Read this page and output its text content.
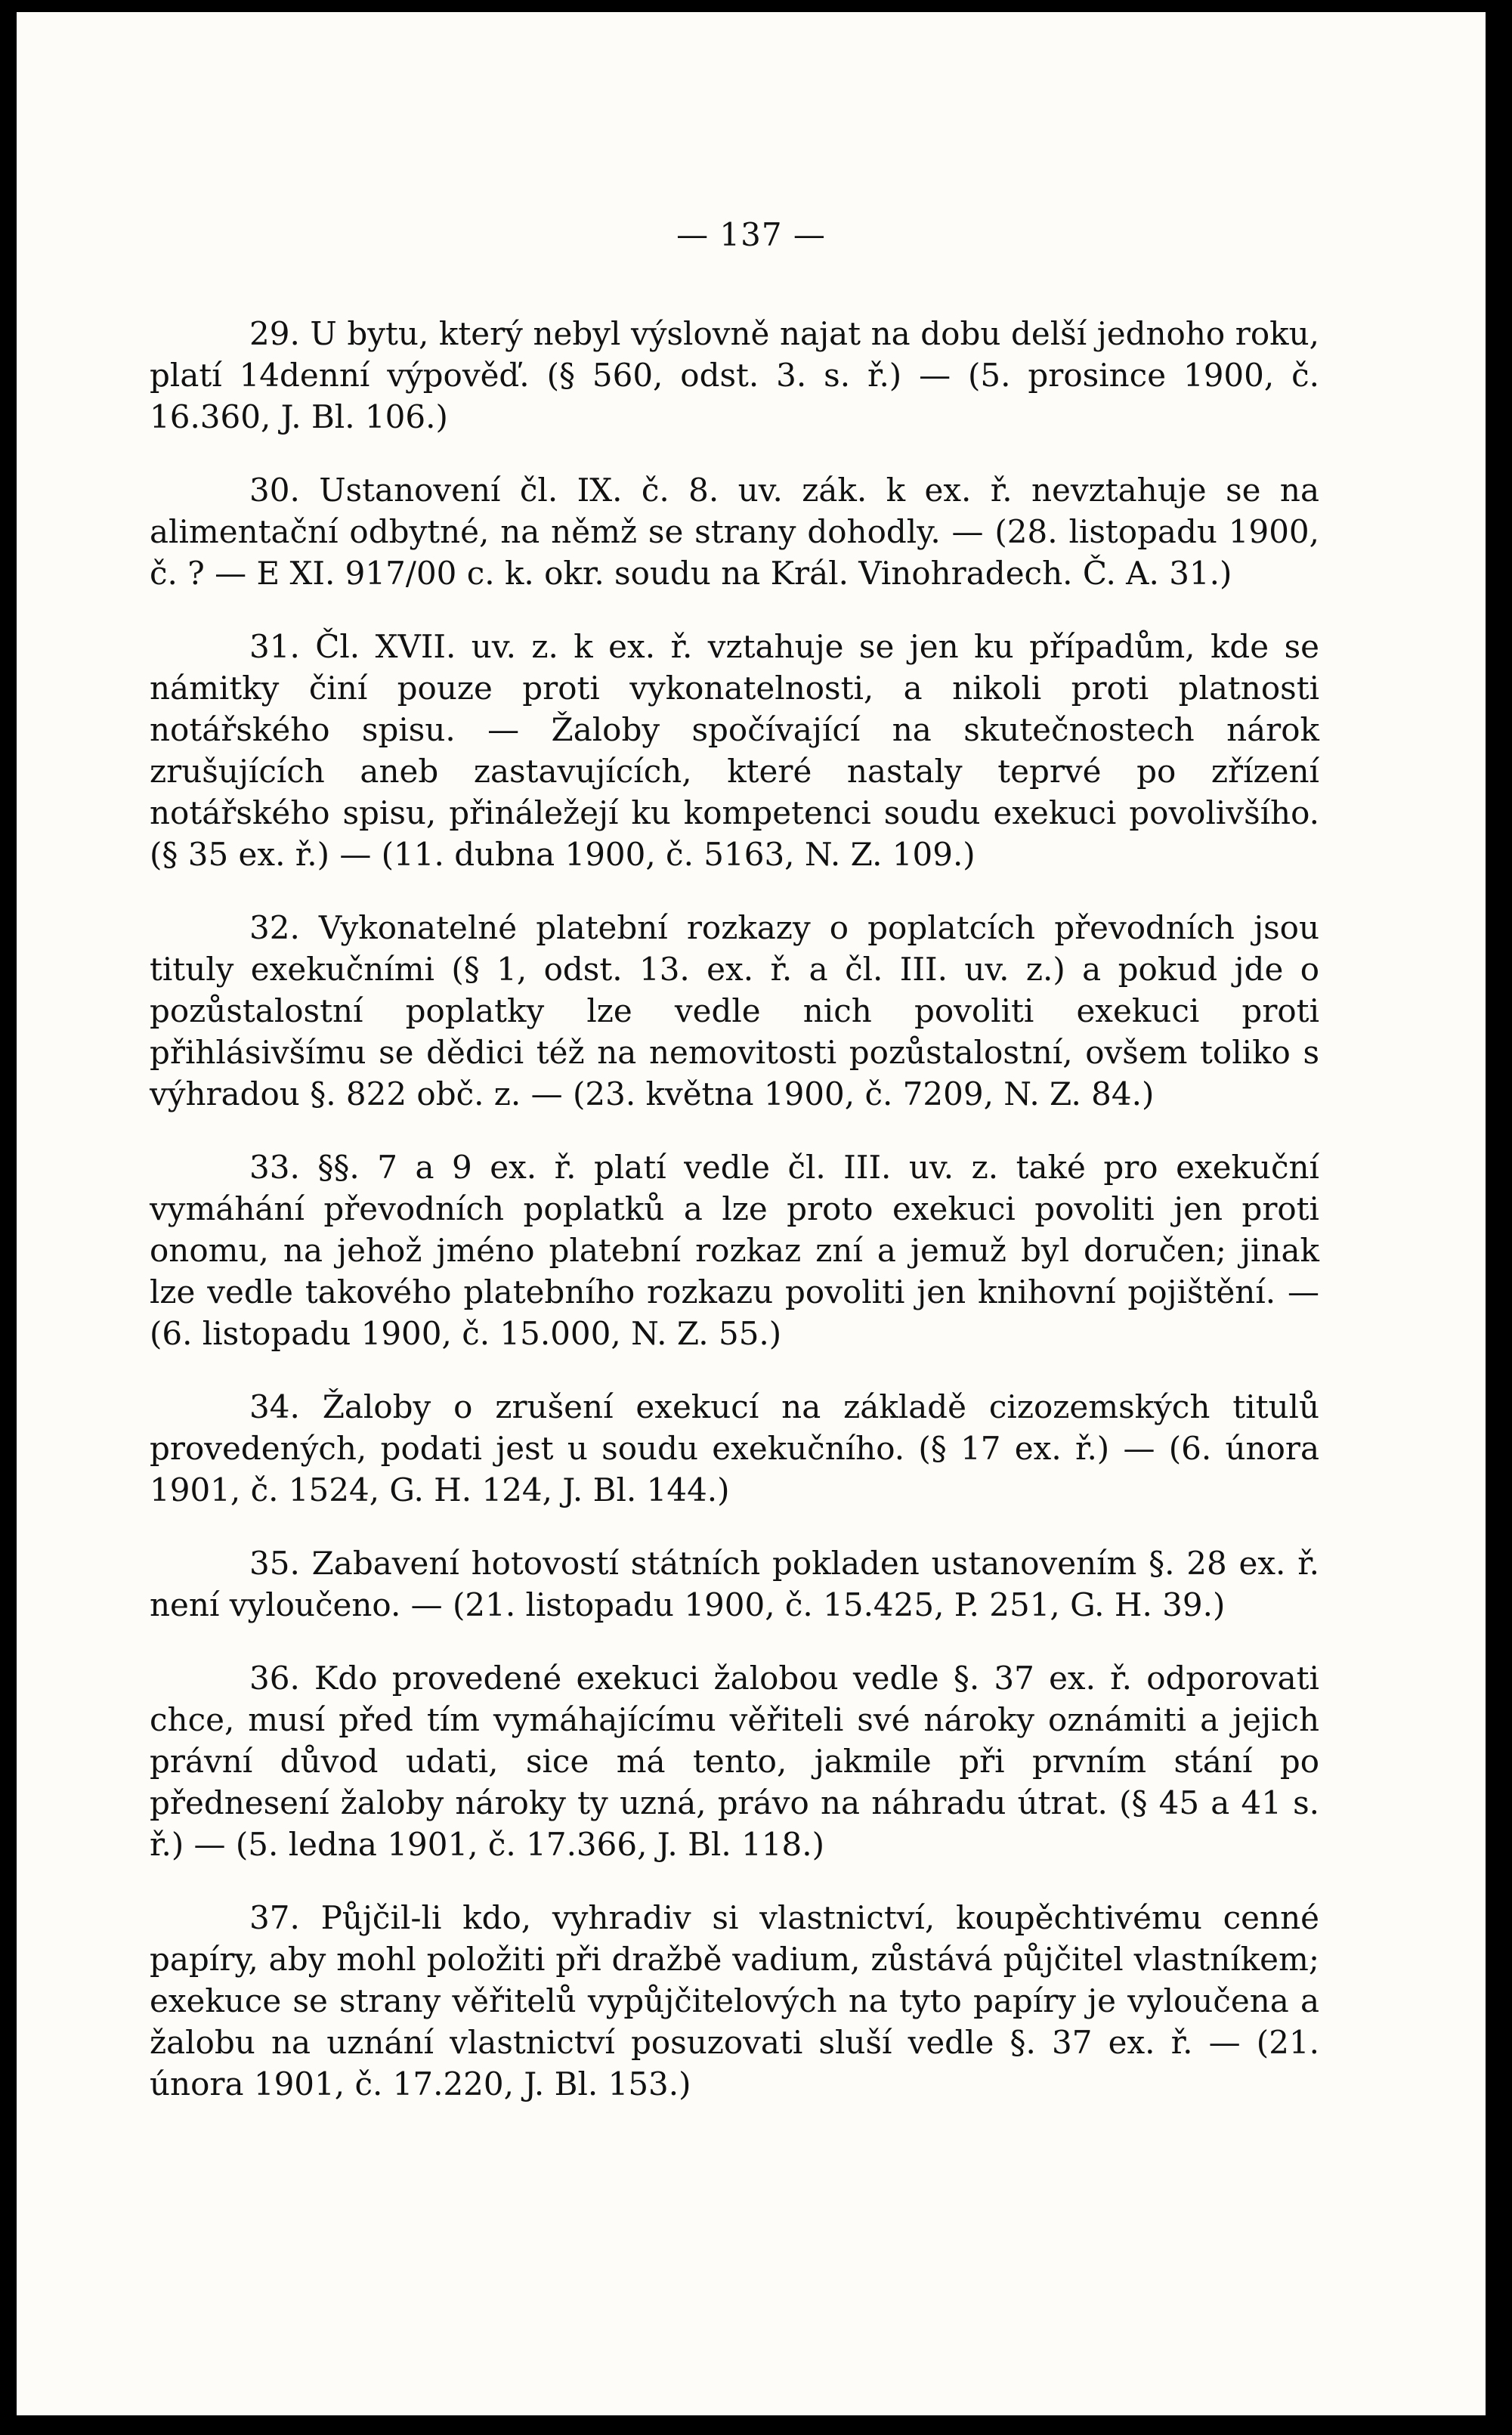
— 137 —

29. U bytu, který nebyl výslovně najat na dobu delší jednoho roku, platí 14denní výpověď. (§ 560, odst. 3. s. ř.) — (5. prosince 1900, č. 16.360, J. Bl. 106.)

30. Ustanovení čl. IX. č. 8. uv. zák. k ex. ř. nevztahuje se na alimentační odbytné, na němž se strany dohodly. — (28. listopadu 1900, č. ? — E XI. 917/00 c. k. okr. soudu na Král. Vinohradech. Č. A. 31.)

31. Čl. XVII. uv. z. k ex. ř. vztahuje se jen ku případům, kde se námitky činí pouze proti vykonatelnosti, a nikoli proti platnosti notářského spisu. — Žaloby spočívající na skutečnostech nárok zrušujících aneb zastavujících, které nastaly teprvé po zřízení notářského spisu, přináležejí ku kompetenci soudu exekuci povolivšího. (§ 35 ex. ř.) — (11. dubna 1900, č. 5163, N. Z. 109.)

32. Vykonatelné platební rozkazy o poplatcích převodních jsou tituly exekučními (§ 1, odst. 13. ex. ř. a čl. III. uv. z.) a pokud jde o pozůstalostní poplatky lze vedle nich povoliti exekuci proti přihlásivšímu se dědici též na nemovitosti pozůstalostní, ovšem toliko s výhradou §. 822 obč. z. — (23. května 1900, č. 7209, N. Z. 84.)

33. §§. 7 a 9 ex. ř. platí vedle čl. III. uv. z. také pro exekuční vymáhání převodních poplatků a lze proto exekuci povoliti jen proti onomu, na jehož jméno platební rozkaz zní a jemuž byl doručen; jinak lze vedle takového platebního rozkazu povoliti jen knihovní pojištění. — (6. listopadu 1900, č. 15.000, N. Z. 55.)

34. Žaloby o zrušení exekucí na základě cizozemských titulů provedených, podati jest u soudu exekučního. (§ 17 ex. ř.) — (6. února 1901, č. 1524, G. H. 124, J. Bl. 144.)

35. Zabavení hotovostí státních pokladen ustanovením §. 28 ex. ř. není vyloučeno. — (21. listopadu 1900, č. 15.425, P. 251, G. H. 39.)

36. Kdo provedené exekuci žalobou vedle §. 37 ex. ř. odporovati chce, musí před tím vymáhajícímu věřiteli své nároky oznámiti a jejich právní důvod udati, sice má tento, jakmile při prvním stání po přednesení žaloby nároky ty uzná, právo na náhradu útrat. (§ 45 a 41 s. ř.) — (5. ledna 1901, č. 17.366, J. Bl. 118.)

37. Půjčil-li kdo, vyhradiv si vlastnictví, koupěchtivému cenné papíry, aby mohl položiti při dražbě vadium, zůstává půjčitel vlastníkem; exekuce se strany věřitelů vypůjčitelových na tyto papíry je vyloučena a žalobu na uznání vlastnictví posuzovati sluší vedle §. 37 ex. ř. — (21. února 1901, č. 17.220, J. Bl. 153.)
